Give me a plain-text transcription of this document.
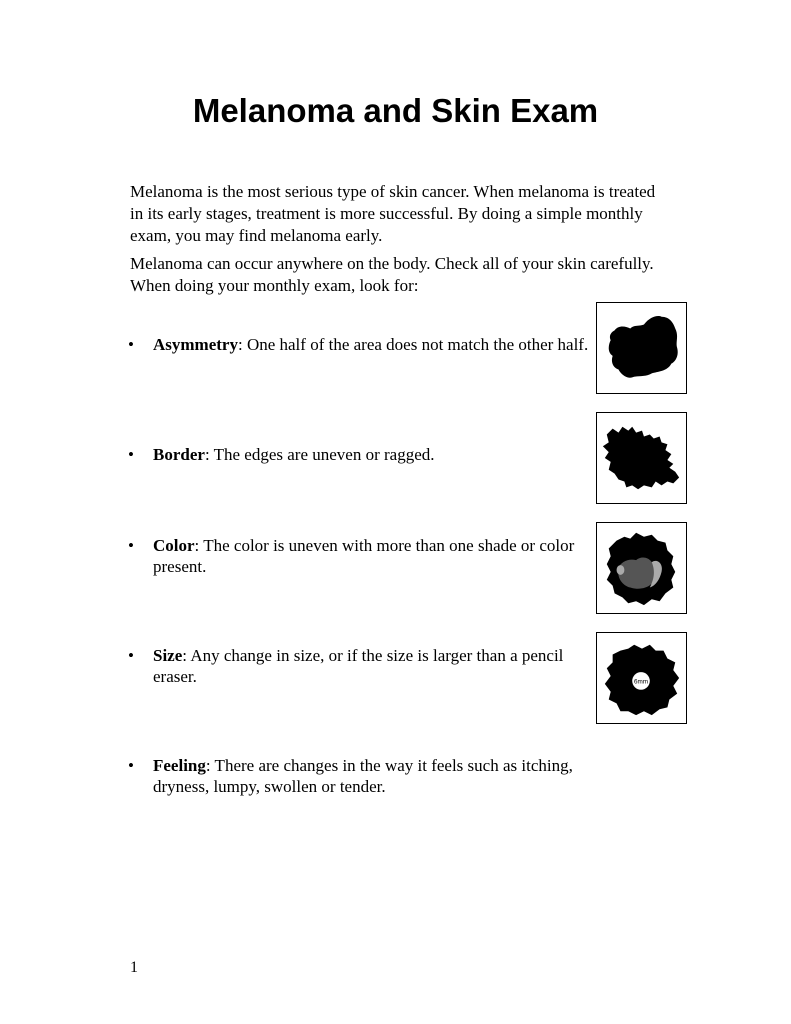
Melanoma and Skin Exam

Melanoma is the most serious type of skin cancer. When melanoma is treated in its early stages, treatment is more successful. By doing a simple monthly exam, you may find melanoma early.

Melanoma can occur anywhere on the body. Check all of your skin carefully. When doing your monthly exam, look for:

• Asymmetry: One half of the area does not match the other half.
• Border: The edges are uneven or ragged.
• Color: The color is uneven with more than one shade or color present.
• Size: Any change in size, or if the size is larger than a pencil eraser.
• Feeling: There are changes in the way it feels such as itching, dryness, lumpy, swollen or tender.
6mm
1
